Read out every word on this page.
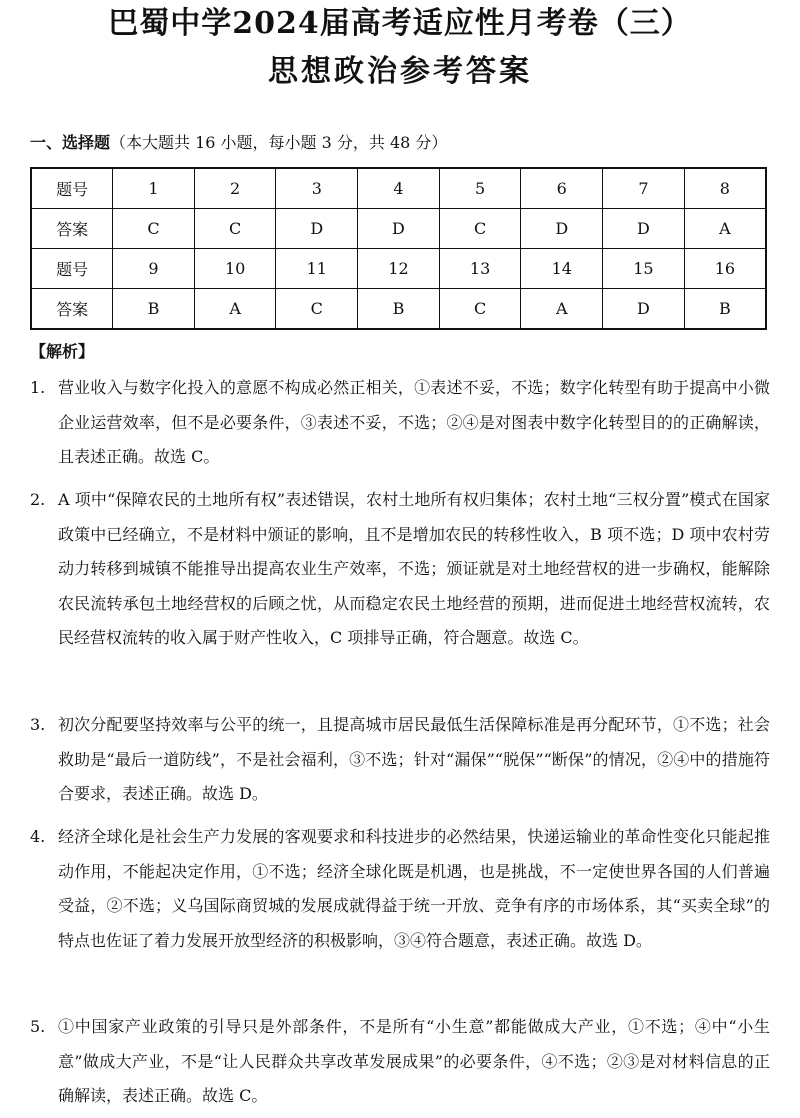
巴蜀中学2024届高考适应性月考卷（三）
思想政治参考答案
一、选择题（本大题共 16 小题，每小题 3 分，共 48 分）
题号	1	2	3	4	5	6	7	8
答案	C	C	D	D	C	D	D	A
题号	9	10	11	12	13	14	15	16
答案	B	A	C	B	C	A	D	B
【解析】
1. 营业收入与数字化投入的意愿不构成必然正相关，①表述不妥，不选；数字化转型有助于提高中小微企业运营效率，但不是必要条件，③表述不妥，不选；②④是对图表中数字化转型目的的正确解读，且表述正确。故选 C。
2. A 项中“保障农民的土地所有权”表述错误，农村土地所有权归集体；农村土地“三权分置”模式在国家政策中已经确立，不是材料中颁证的影响，且不是增加农民的转移性收入，B 项不选；D 项中农村劳动力转移到城镇不能推导出提高农业生产效率，不选；颁证就是对土地经营权的进一步确权，能解除农民流转承包土地经营权的后顾之忧，从而稳定农民土地经营的预期，进而促进土地经营权流转，农民经营权流转的收入属于财产性收入，C 项排导正确，符合题意。故选 C。
3. 初次分配要坚持效率与公平的统一，且提高城市居民最低生活保障标准是再分配环节，①不选；社会救助是“最后一道防线”，不是社会福利，③不选；针对“漏保”“脱保”“断保”的情况，②④中的措施符合要求，表述正确。故选 D。
4. 经济全球化是社会生产力发展的客观要求和科技进步的必然结果，快递运输业的革命性变化只能起推动作用，不能起决定作用，①不选；经济全球化既是机遇，也是挑战，不一定使世界各国的人们普遍受益，②不选；义乌国际商贸城的发展成就得益于统一开放、竞争有序的市场体系，其“买卖全球”的特点也佐证了着力发展开放型经济的积极影响，③④符合题意，表述正确。故选 D。
5. ①中国家产业政策的引导只是外部条件，不是所有“小生意”都能做成大产业，①不选；④中“小生意”做成大产业，不是“让人民群众共享改革发展成果”的必要条件，④不选；②③是对材料信息的正确解读，表述正确。故选 C。
